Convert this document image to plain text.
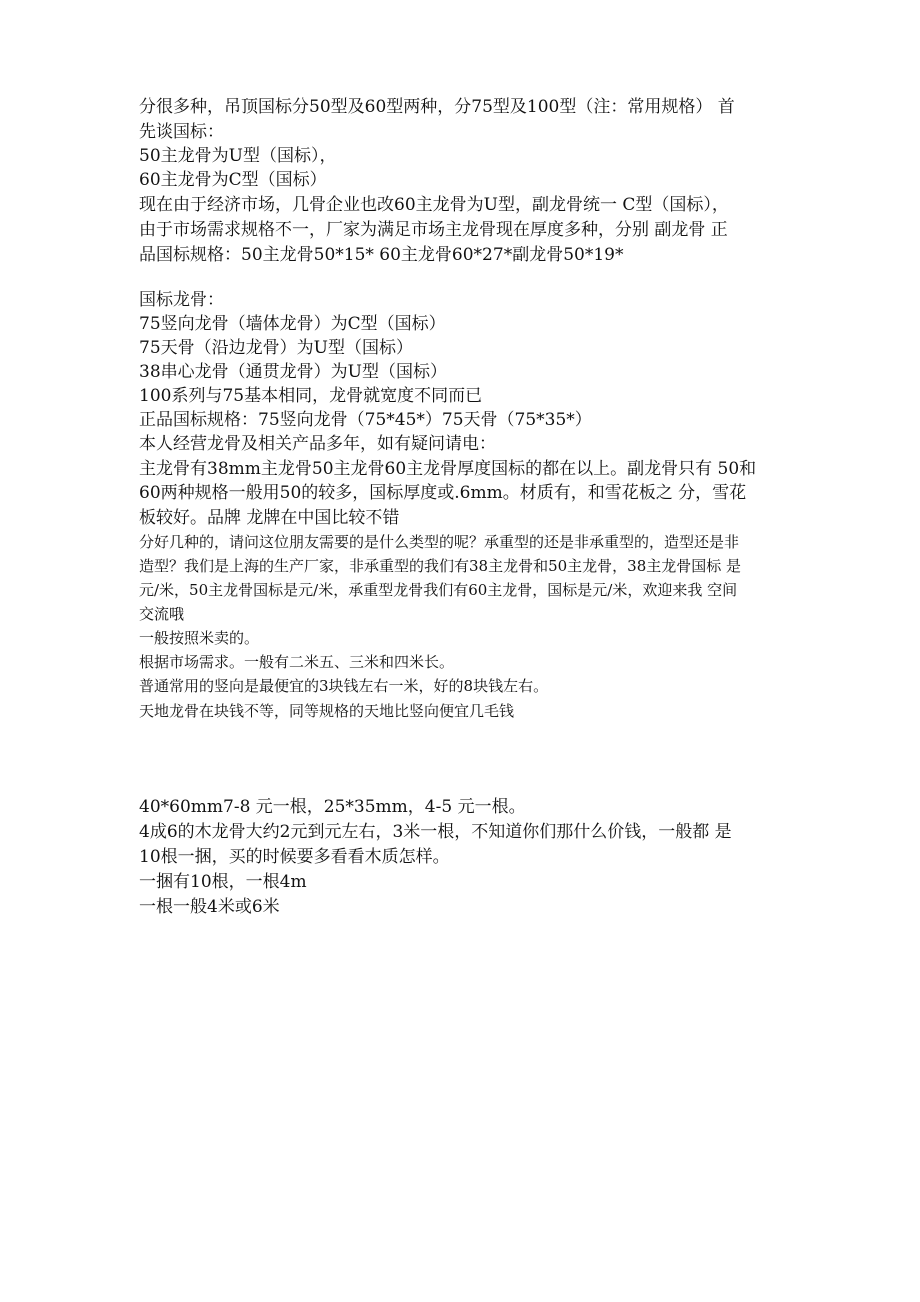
分很多种，吊顶国标分50型及60型两种，分75型及100型（注：常用规格） 首
先谈国标：
50主龙骨为U型（国标），
60主龙骨为C型（国标）
现在由于经济市场，几骨企业也改60主龙骨为U型，副龙骨统一 C型（国标），
由于市场需求规格不一，厂家为满足市场主龙骨现在厚度多种，分别 副龙骨 正
品国标规格：50主龙骨50*15* 60主龙骨60*27*副龙骨50*19*
国标龙骨：
75竖向龙骨（墙体龙骨）为C型（国标）
75天骨（沿边龙骨）为U型（国标）
38串心龙骨（通贯龙骨）为U型（国标）
100系列与75基本相同，龙骨就宽度不同而已
正品国标规格：75竖向龙骨（75*45*）75天骨（75*35*）
本人经营龙骨及相关产品多年，如有疑问请电：
主龙骨有38mm主龙骨50主龙骨60主龙骨厚度国标的都在以上。副龙骨只有 50和
60两种规格一般用50的较多，国标厚度或.6mm。材质有，和雪花板之 分，雪花
板较好。品牌 龙牌在中国比较不错
分好几种的，请问这位朋友需要的是什么类型的呢？承重型的还是非承重型的，造型还是非
造型？我们是上海的生产厂家，非承重型的我们有38主龙骨和50主龙骨，38主龙骨国标 是
元/米，50主龙骨国标是元/米，承重型龙骨我们有60主龙骨，国标是元/米，欢迎来我 空间
交流哦
一般按照米卖的。
根据市场需求。一般有二米五、三米和四米长。
普通常用的竖向是最便宜的3块钱左右一米，好的8块钱左右。
天地龙骨在块钱不等，同等规格的天地比竖向便宜几毛钱
40*60mm7-8 元一根，25*35mm，4-5 元一根。
4成6的木龙骨大约2元到元左右，3米一根，不知道你们那什么价钱，一般都 是
10根一捆，买的时候要多看看木质怎样。
一捆有10根，一根4m
一根一般4米或6米
